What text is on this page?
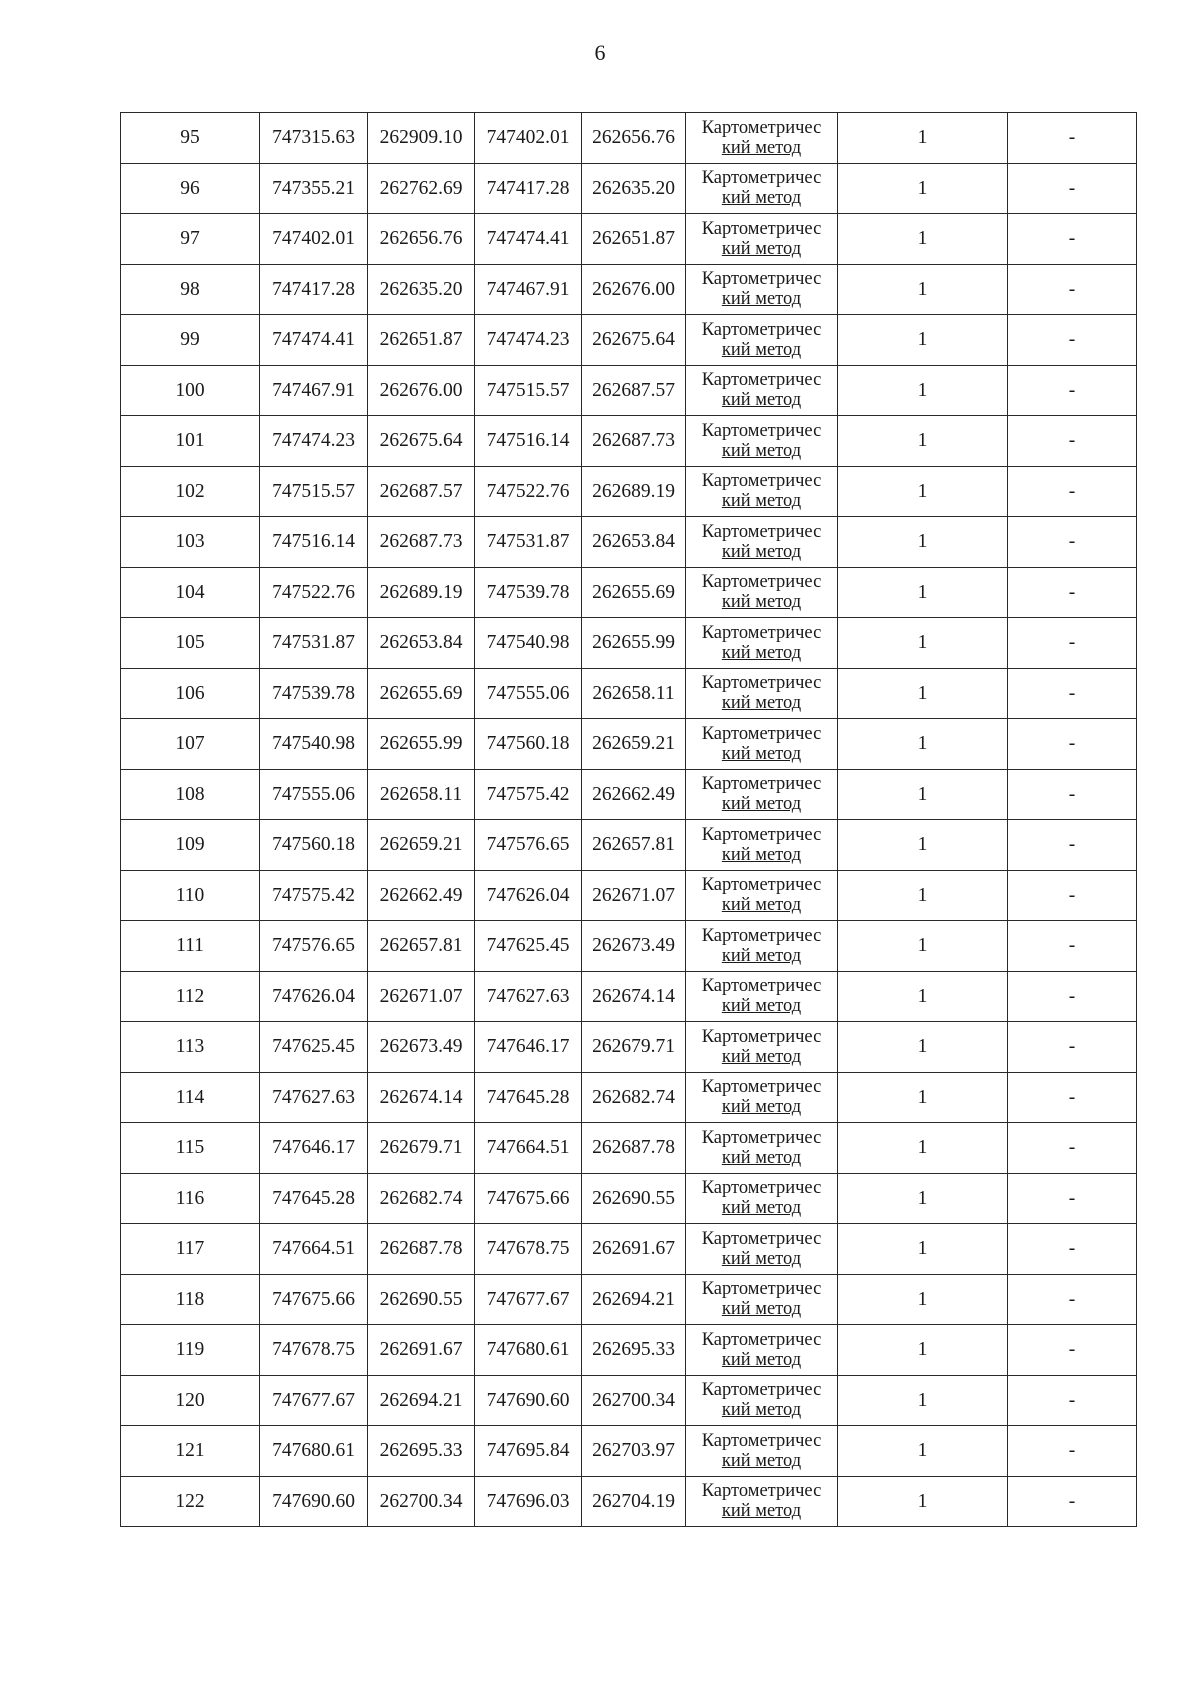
6
95	747315.63	262909.10	747402.01	262656.76	Картометричес
кий метод	1	-
96	747355.21	262762.69	747417.28	262635.20	Картометричес
кий метод	1	-
97	747402.01	262656.76	747474.41	262651.87	Картометричес
кий метод	1	-
98	747417.28	262635.20	747467.91	262676.00	Картометричес
кий метод	1	-
99	747474.41	262651.87	747474.23	262675.64	Картометричес
кий метод	1	-
100	747467.91	262676.00	747515.57	262687.57	Картометричес
кий метод	1	-
101	747474.23	262675.64	747516.14	262687.73	Картометричес
кий метод	1	-
102	747515.57	262687.57	747522.76	262689.19	Картометричес
кий метод	1	-
103	747516.14	262687.73	747531.87	262653.84	Картометричес
кий метод	1	-
104	747522.76	262689.19	747539.78	262655.69	Картометричес
кий метод	1	-
105	747531.87	262653.84	747540.98	262655.99	Картометричес
кий метод	1	-
106	747539.78	262655.69	747555.06	262658.11	Картометричес
кий метод	1	-
107	747540.98	262655.99	747560.18	262659.21	Картометричес
кий метод	1	-
108	747555.06	262658.11	747575.42	262662.49	Картометричес
кий метод	1	-
109	747560.18	262659.21	747576.65	262657.81	Картометричес
кий метод	1	-
110	747575.42	262662.49	747626.04	262671.07	Картометричес
кий метод	1	-
111	747576.65	262657.81	747625.45	262673.49	Картометричес
кий метод	1	-
112	747626.04	262671.07	747627.63	262674.14	Картометричес
кий метод	1	-
113	747625.45	262673.49	747646.17	262679.71	Картометричес
кий метод	1	-
114	747627.63	262674.14	747645.28	262682.74	Картометричес
кий метод	1	-
115	747646.17	262679.71	747664.51	262687.78	Картометричес
кий метод	1	-
116	747645.28	262682.74	747675.66	262690.55	Картометричес
кий метод	1	-
117	747664.51	262687.78	747678.75	262691.67	Картометричес
кий метод	1	-
118	747675.66	262690.55	747677.67	262694.21	Картометричес
кий метод	1	-
119	747678.75	262691.67	747680.61	262695.33	Картометричес
кий метод	1	-
120	747677.67	262694.21	747690.60	262700.34	Картометричес
кий метод	1	-
121	747680.61	262695.33	747695.84	262703.97	Картометричес
кий метод	1	-
122	747690.60	262700.34	747696.03	262704.19	Картометричес
кий метод	1	-
